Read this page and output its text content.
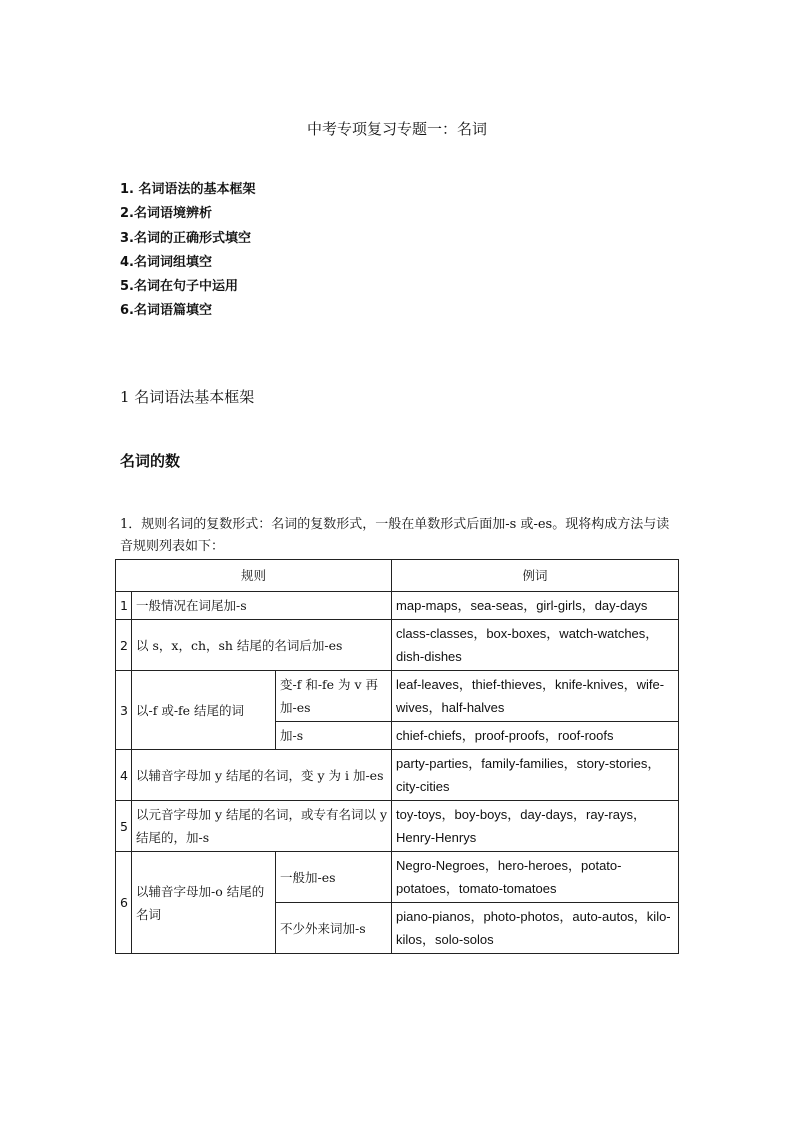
中考专项复习专题一：名词
1. 名词语法的基本框架
2.名词语境辨析
3.名词的正确形式填空
4.名词词组填空
5.名词在句子中运用
6.名词语篇填空
1 名词语法基本框架
名词的数
1．规则名词的复数形式：名词的复数形式，一般在单数形式后面加-s 或-es。现将构成方法与读音规则列表如下：
规则			例词
1	一般情况在词尾加-s		map-maps，sea-seas，girl-girls，day-days
2	以 s，x，ch，sh 结尾的名词后加-es		class-classes，box-boxes，watch-watches，dish-dishes
3	以-f 或-fe 结尾的词	变-f 和-fe 为 v 再加-es	leaf-leaves，thief-thieves，knife-knives，wife-wives，half-halves
		加-s	chief-chiefs，proof-proofs，roof-roofs
4	以辅音字母加 y 结尾的名词，变 y 为 i 加-es		party-parties，family-families，story-stories，city-cities
5	以元音字母加 y 结尾的名词，或专有名词以 y 结尾的，加-s		toy-toys，boy-boys，day-days，ray-rays，Henry-Henrys
6	以辅音字母加-o 结尾的名词	一般加-es	Negro-Negroes，hero-heroes，potato-potatoes，tomato-tomatoes
		不少外来词加-s	piano-pianos，photo-photos，auto-autos，kilo-kilos，solo-solos
